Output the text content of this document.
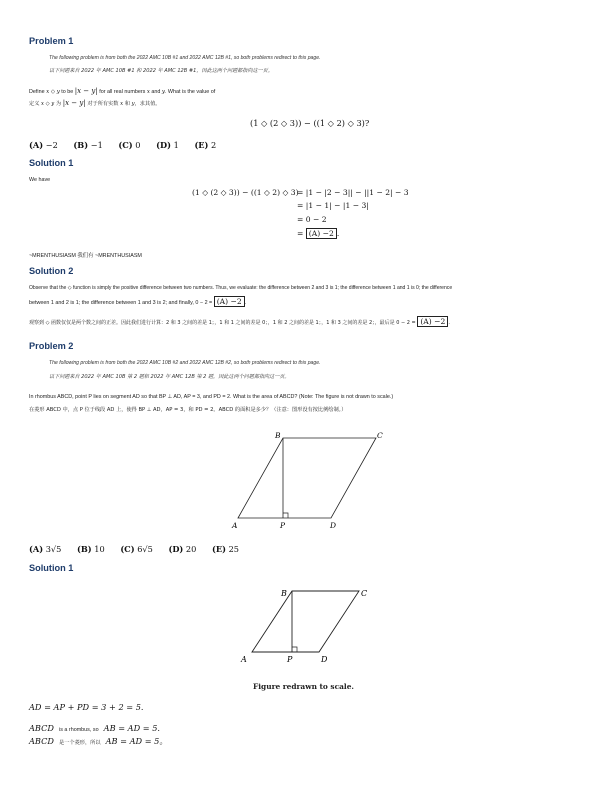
Problem 1
The following problem is from both the 2022 AMC 10B #1 and 2022 AMC 12B #1, so both problems redirect to this page.
以下问题来自 2022 年 AMC 10B #1 和 2022 年 AMC 12B #1，因此这两个问题都指向这一页。
Define x ◇ y to be |x − y| for all real numbers x and y. What is the value of
定义 x ◇ y 为 |x − y| 对于所有实数 x 和 y，求其值。
(1 ◇ (2 ◇ 3)) − ((1 ◇ 2) ◇ 3)?
(A) −2 (B) −1 (C) 0 (D) 1 (E) 2
Solution 1
We have
(1 ◇ (2 ◇ 3)) − ((1 ◇ 2) ◇ 3)
= |1 − |2 − 3|| − ||1 − 2| − 3
= |1 − 1| − |1 − 3|
= 0 − 2
= (A) −2 .
~MRENTHUSIASM 我们有 ~MRENTHUSIASM
Solution 2
Observe that the ◇ function is simply the positive difference between two numbers. Thus, we evaluate: the difference between 2 and 3 is 1; the difference between 1 and 1 is 0; the difference
between 1 and 2 is 1; the difference between 1 and 3 is 2; and finally, 0 − 2 = (A) −2 .
观察到 ◇ 函数仅仅是两个数之间的正差。因此我们进行计算：2 和 3 之间的差是 1；，1 和 1 之间的差是 0；，1 和 2 之间的差是 1；，1 和 3 之间的差是 2；，最后是 0 − 2 = (A) −2 .
Problem 2
The following problem is from both the 2022 AMC 10B #2 and 2022 AMC 12B #2, so both problems redirect to this page.
以下问题来自 2022 年 AMC 10B 第 2 题和 2022 年 AMC 12B 第 2 题，因此这两个问题都指向这一页。
In rhombus ABCD, point P lies on segment AD so that BP ⊥ AD, AP = 3, and PD = 2. What is the area of ABCD? (Note: The figure is not drawn to scale.)
在菱形 ABCD 中，点 P 位于线段 AD 上，使得 BP ⊥ AD，AP = 3，和 PD = 2。ABCD 的面积是多少？（注意：图形没有按比例绘制。）
A
B	C
D
P
(A) 3√5 (B) 10 (C) 6√5 (D) 20 (E) 25
Solution 1
A
B	C
D
P
Figure redrawn to scale.
AD = AP + PD = 3 + 2 = 5.
ABCD is a rhombus, so AB = AD = 5.
ABCD 是一个菱形，所以 AB = AD = 5。
